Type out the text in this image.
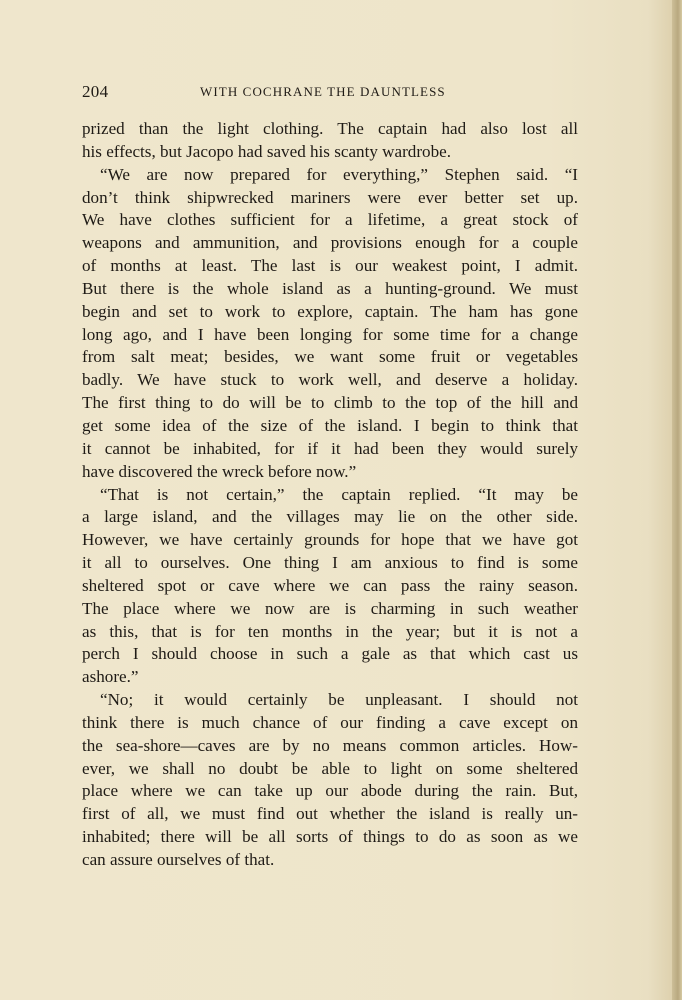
204	WITH COCHRANE THE DAUNTLESS
prized than the light clothing. The captain had also lost all
his effects, but Jacopo had saved his scanty wardrobe.
“We are now prepared for everything,” Stephen said. “I
don’t think shipwrecked mariners were ever better set up.
We have clothes sufficient for a lifetime, a great stock of
weapons and ammunition, and provisions enough for a couple
of months at least. The last is our weakest point, I admit.
But there is the whole island as a hunting-ground. We must
begin and set to work to explore, captain. The ham has gone
long ago, and I have been longing for some time for a change
from salt meat; besides, we want some fruit or vegetables
badly. We have stuck to work well, and deserve a holiday.
The first thing to do will be to climb to the top of the hill and
get some idea of the size of the island. I begin to think that
it cannot be inhabited, for if it had been they would surely
have discovered the wreck before now.”
“That is not certain,” the captain replied. “It may be
a large island, and the villages may lie on the other side.
However, we have certainly grounds for hope that we have got
it all to ourselves. One thing I am anxious to find is some
sheltered spot or cave where we can pass the rainy season.
The place where we now are is charming in such weather
as this, that is for ten months in the year; but it is not a
perch I should choose in such a gale as that which cast us
ashore.”
“No; it would certainly be unpleasant. I should not
think there is much chance of our finding a cave except on
the sea-shore—caves are by no means common articles. How-
ever, we shall no doubt be able to light on some sheltered
place where we can take up our abode during the rain. But,
first of all, we must find out whether the island is really un-
inhabited; there will be all sorts of things to do as soon as we
can assure ourselves of that.
